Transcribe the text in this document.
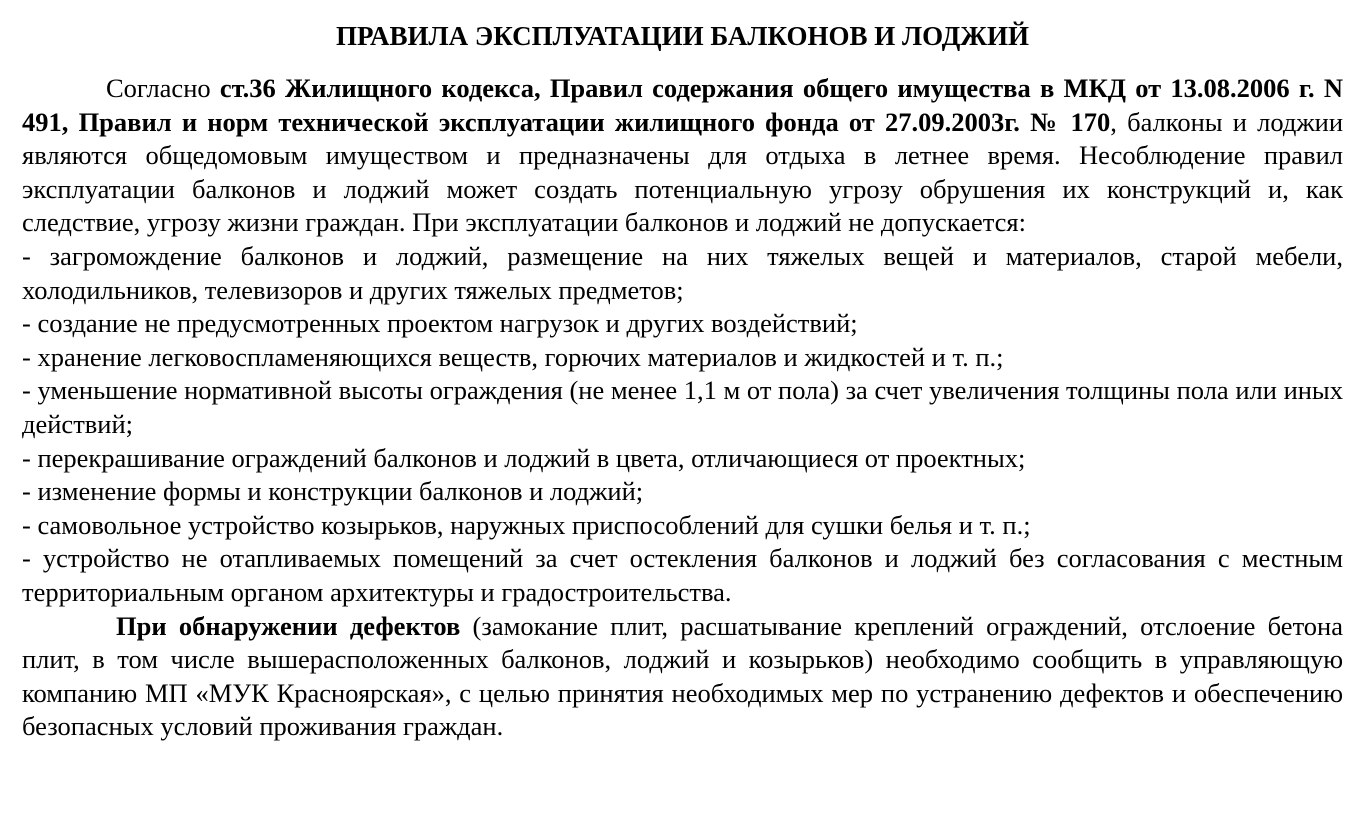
ПРАВИЛА ЭКСПЛУАТАЦИИ БАЛКОНОВ И ЛОДЖИЙ

Согласно ст.36 Жилищного кодекса, Правил содержания общего имущества в МКД от 13.08.2006 г. N 491, Правил и норм технической эксплуатации жилищного фонда от 27.09.2003г. № 170, балконы и лоджии являются общедомовым имуществом и предназначены для отдыха в летнее время. Несоблюдение правил эксплуатации балконов и лоджий может создать потенциальную угрозу обрушения их конструкций и, как следствие, угрозу жизни граждан. При эксплуатации балконов и лоджий не допускается:

- загромождение балконов и лоджий, размещение на них тяжелых вещей и материалов, старой мебели, холодильников, телевизоров и других тяжелых предметов;
- создание не предусмотренных проектом нагрузок и других воздействий;
- хранение легковоспламеняющихся веществ, горючих материалов и жидкостей и т. п.;
- уменьшение нормативной высоты ограждения (не менее 1,1 м от пола) за счет увеличения толщины пола или иных действий;
- перекрашивание ограждений балконов и лоджий в цвета, отличающиеся от проектных;
- изменение формы и конструкции балконов и лоджий;
- самовольное устройство козырьков, наружных приспособлений для сушки белья и т. п.;
- устройство не отапливаемых помещений за счет остекления балконов и лоджий без согласования с местным территориальным органом архитектуры и градостроительства.

При обнаружении дефектов (замокание плит, расшатывание креплений ограждений, отслоение бетона плит, в том числе вышерасположенных балконов, лоджий и козырьков) необходимо сообщить в управляющую компанию МП «МУК Красноярская», с целью принятия необходимых мер по устранению дефектов и обеспечению безопасных условий проживания граждан.
